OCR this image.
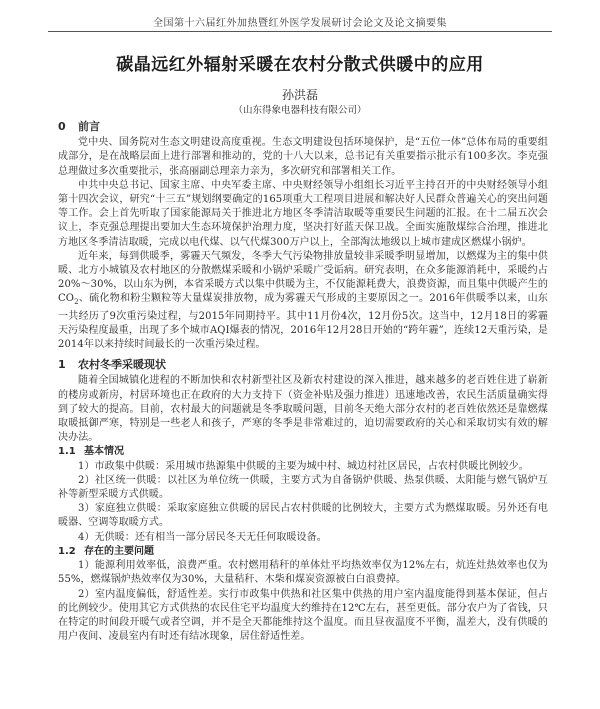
全国第十六届红外加热暨红外医学发展研讨会论文及论文摘要集
碳晶远红外辐射采暖在农村分散式供暖中的应用
孙洪磊
（山东得象电器科技有限公司）
0 前言

党中央、国务院对生态文明建设高度重视。生态文明建设包括环境保护，是“五位一体”总体布局的重要组成部分，是在战略层面上进行部署和推动的，党的十八大以来，总书记有关重要指示批示有100多次。李克强总理做过多次重要批示，张高丽副总理亲力亲为，多次研究和部署相关工作。

中共中央总书记、国家主席、中央军委主席、中央财经领导小组组长习近平主持召开的中央财经领导小组第十四次会议，研究“十三五”规划纲要确定的165项重大工程项目进展和解决好人民群众普遍关心的突出问题等工作。会上首先听取了国家能源局关于推进北方地区冬季清洁取暖等重要民生问题的汇报。在十二届五次会议上，李克强总理提出要加大生态环境保护治理力度，坚决打好蓝天保卫战。全面实施散煤综合治理，推进北方地区冬季清洁取暖，完成以电代煤、以气代煤300万户以上，全部淘汰地级以上城市建成区燃煤小锅炉。

近年来，每到供暖季，雾霾天气频发，冬季大气污染物排放量较非采暖季明显增加，以燃煤为主的集中供暖、北方小城镇及农村地区的分散燃煤采暖和小锅炉采暖广受诟病。研究表明，在众多能源消耗中，采暖约占20%～30%，以山东为例，本省采暖方式以集中供暖为主，不仅能源耗费大，浪费资源，而且集中供暖产生的$CO_2$、硫化物和粉尘颗粒等大量煤炭排放物，成为雾霾天气形成的主要原因之一。2016年供暖季以来，山东一共经历了9次重污染过程，与2015年同期持平。其中11月份4次，12月份5次。这当中，12月18日的雾霾天污染程度最重，出现了多个城市AQI爆表的情况，2016年12月28日开始的“跨年霾”，连续12天重污染，是2014年以来持续时间最长的一次重污染过程。

1 农村冬季采暖现状

随着全国城镇化进程的不断加快和农村新型社区及新农村建设的深入推进，越来越多的老百姓住进了崭新的楼房或新房，村居环境也正在政府的大力支持下（资金补贴及强力推进）迅速地改善，农民生活质量确实得到了较大的提高。目前，农村最大的问题就是冬季取暖问题，目前冬天绝大部分农村的老百姓依然还是靠燃煤取暖抵御严寒，特别是一些老人和孩子，严寒的冬季是非常难过的，迫切需要政府的关心和采取切实有效的解决办法。

1.1 基本情况

1）市政集中供暖：采用城市热源集中供暖的主要为城中村、城边村社区居民，占农村供暖比例较少。

2）社区统一供暖：以社区为单位统一供暖，主要方式为自备锅炉供暖、热泵供暖、太阳能与燃气锅炉互补等新型采暖方式供暖。

3）家庭独立供暖：采取家庭独立供暖的居民占农村供暖的比例较大，主要方式为燃煤取暖。另外还有电暖器、空调等取暖方式。

4）无供暖：还有相当一部分居民冬天无任何取暖设备。

1.2 存在的主要问题

1）能源利用效率低，浪费严重。农村燃用秸秆的单体灶平均热效率仅为12%左右，炕连灶热效率也仅为55%，燃煤锅炉热效率仅为30%，大量秸秆、木柴和煤炭资源被白白浪费掉。

2）室内温度偏低，舒适性差。实行市政集中供热和社区集中供热的用户室内温度能得到基本保证，但占的比例较少。使用其它方式供热的农民住宅平均温度大约维持在12℃左右，甚至更低。部分农户为了省钱，只在特定的时间段开暖气或者空调，并不是全天都能维持这个温度。而且昼夜温度不平衡，温差大，没有供暖的用户夜间、凌晨室内有时还有结冰现象，居住舒适性差。
